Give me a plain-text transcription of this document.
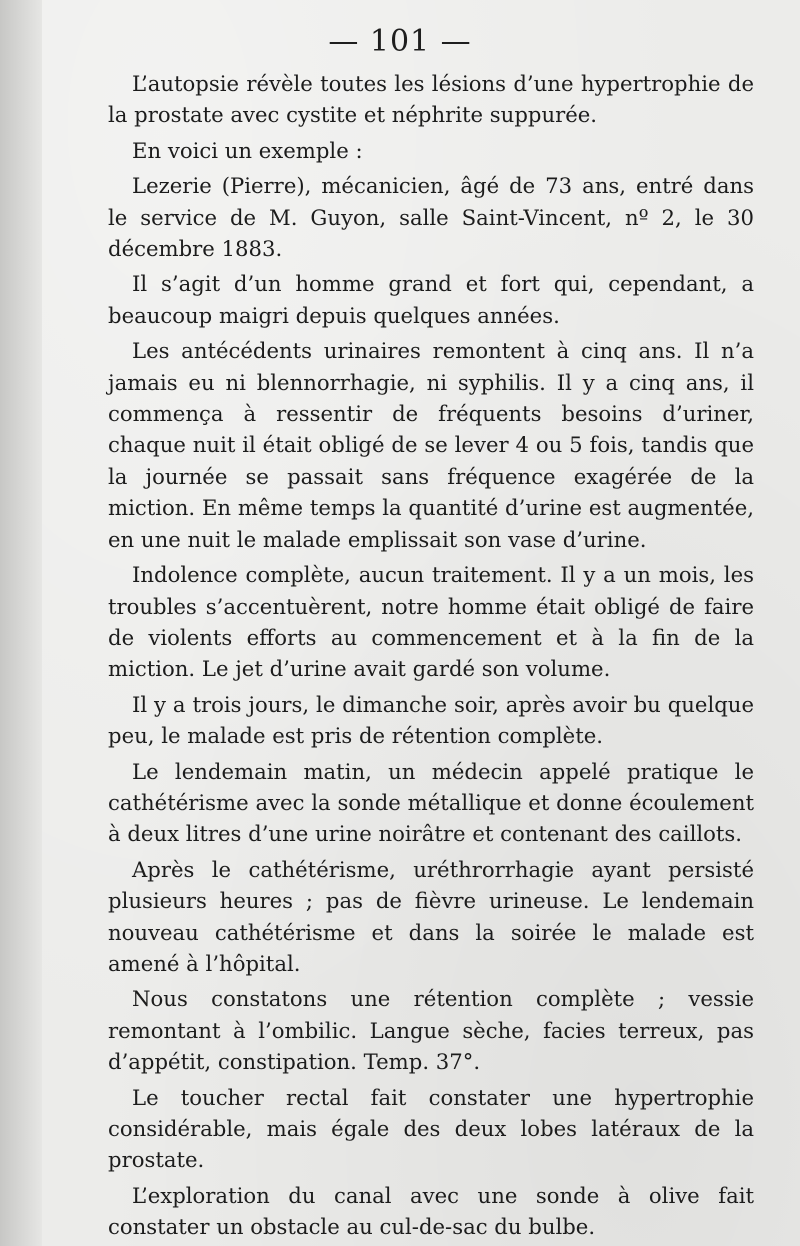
— 101 —

L’autopsie révèle toutes les lésions d’une hypertrophie de la prostate avec cystite et néphrite suppurée.

En voici un exemple :

Lezerie (Pierre), mécanicien, âgé de 73 ans, entré dans le service de M. Guyon, salle Saint-Vincent, nº 2, le 30 décembre 1883.

Il s’agit d’un homme grand et fort qui, cependant, a beaucoup maigri depuis quelques années.

Les antécédents urinaires remontent à cinq ans. Il n’a jamais eu ni blennorrhagie, ni syphilis. Il y a cinq ans, il commença à ressentir de fréquents besoins d’uriner, chaque nuit il était obligé de se lever 4 ou 5 fois, tandis que la journée se passait sans fréquence exagérée de la miction. En même temps la quantité d’urine est augmentée, en une nuit le malade emplissait son vase d’urine.

Indolence complète, aucun traitement. Il y a un mois, les troubles s’accentuèrent, notre homme était obligé de faire de violents efforts au commencement et à la fin de la miction. Le jet d’urine avait gardé son volume.

Il y a trois jours, le dimanche soir, après avoir bu quelque peu, le malade est pris de rétention complète.

Le lendemain matin, un médecin appelé pratique le cathétérisme avec la sonde métallique et donne écoulement à deux litres d’une urine noirâtre et contenant des caillots.

Après le cathétérisme, uréthrorrhagie ayant persisté plusieurs heures ; pas de fièvre urineuse. Le lendemain nouveau cathétérisme et dans la soirée le malade est amené à l’hôpital.

Nous constatons une rétention complète ; vessie remontant à l’ombilic. Langue sèche, facies terreux, pas d’appétit, constipation. Temp. 37°.

Le toucher rectal fait constater une hypertrophie considérable, mais égale des deux lobes latéraux de la prostate.

L’exploration du canal avec une sonde à olive fait constater un obstacle au cul-de-sac du bulbe.
